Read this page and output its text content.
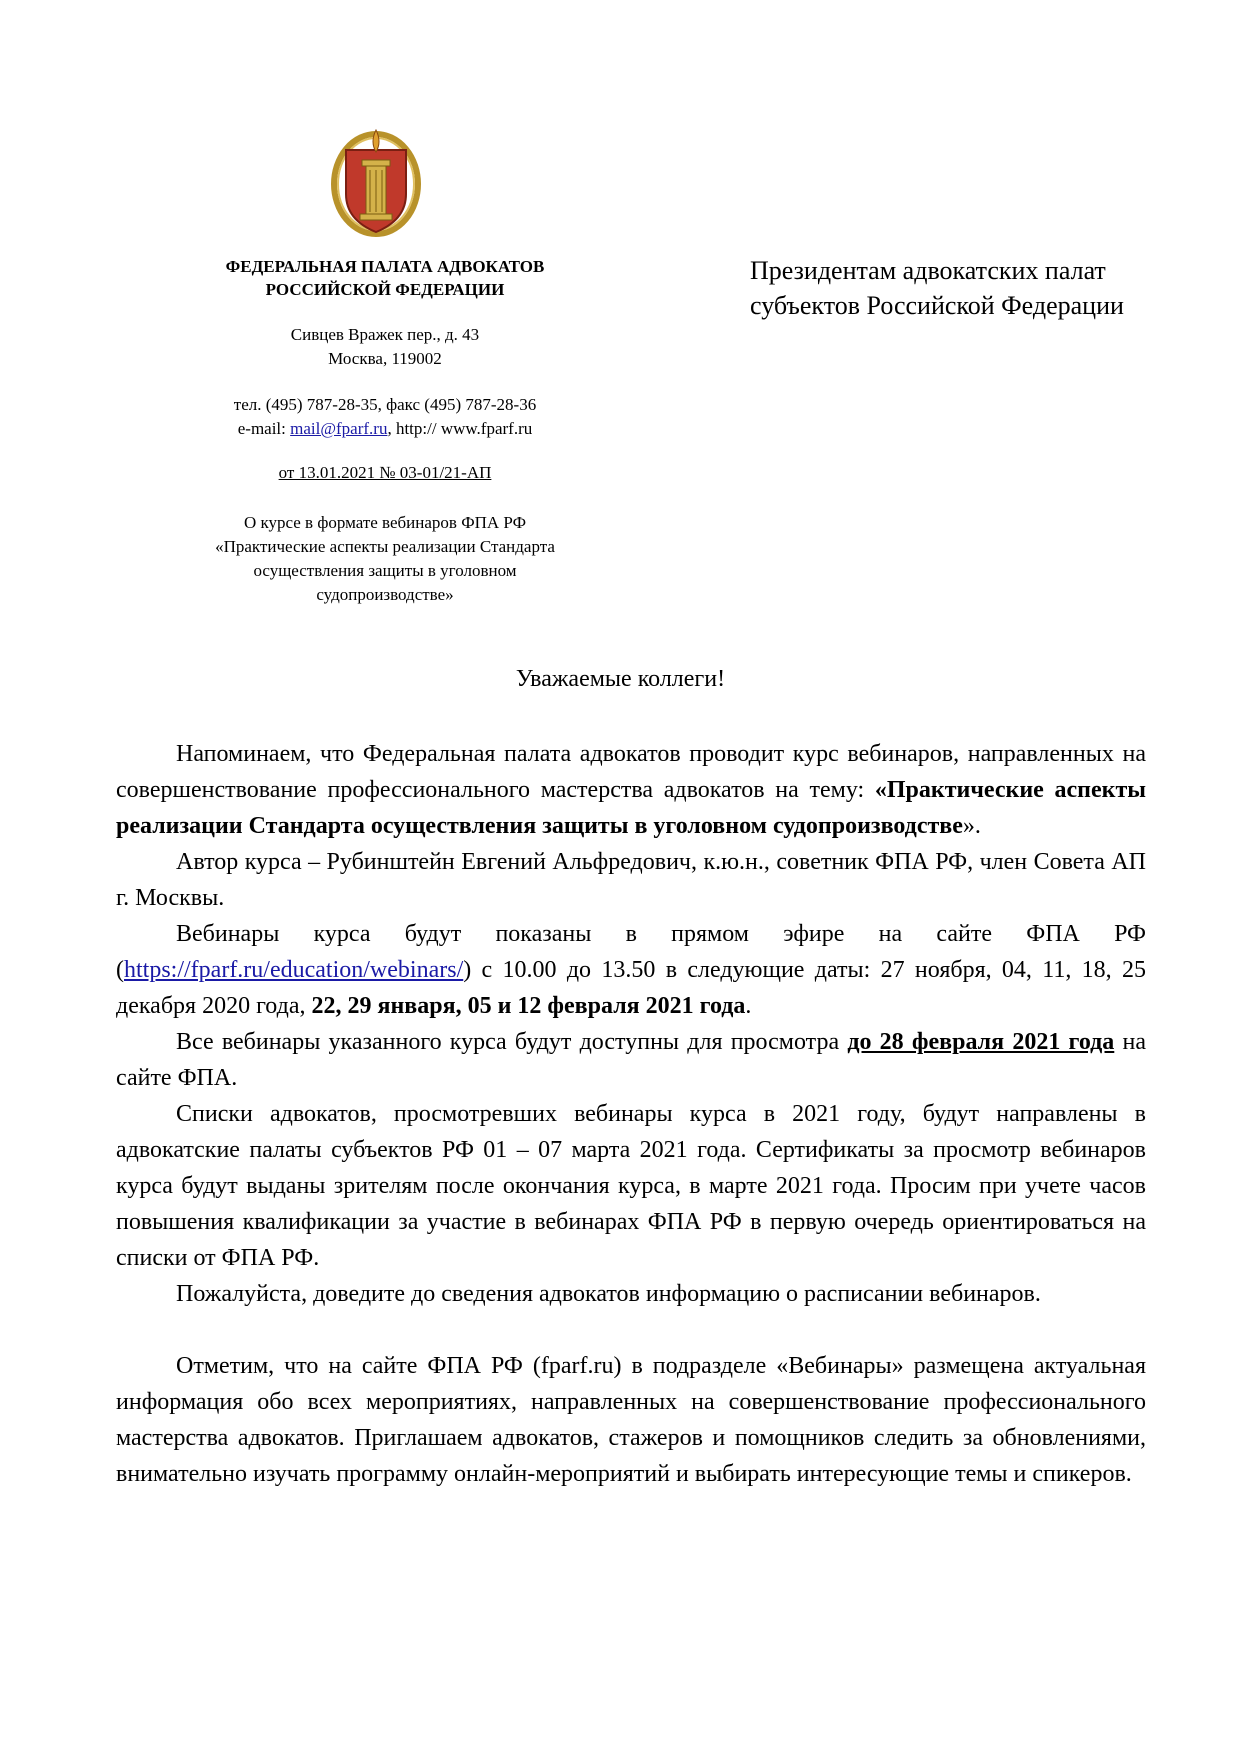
ФЕДЕРАЛЬНАЯ ПАЛАТА АДВОКАТОВ

РОССИЙСКОЙ ФЕДЕРАЦИИ

Сивцев Вражек пер., д. 43

Москва, 119002

тел. (495) 787-28-35, факс (495) 787-28-36

e-mail: mail@fparf.ru, http:// www.fparf.ru

от 13.01.2021 № 03-01/21-АП

О курсе в формате вебинаров ФПА РФ

«Практические аспекты реализации Стандарта

осуществления защиты в уголовном

судопроизводстве»

Президентам адвокатских палат
субъектов Российской Федерации
Уважаемые коллеги!

Напоминаем, что Федеральная палата адвокатов проводит курс вебинаров, направленных на совершенствование профессионального мастерства адвокатов на тему: «Практические аспекты реализации Стандарта осуществления защиты в уголовном судопроизводстве».

Автор курса – Рубинштейн Евгений Альфредович, к.ю.н., советник ФПА РФ, член Совета АП г. Москвы.

Вебинары курса будут показаны в прямом эфире на сайте ФПА РФ (https://fparf.ru/education/webinars/) с 10.00 до 13.50 в следующие даты: 27 ноября, 04, 11, 18, 25 декабря 2020 года, 22, 29 января, 05 и 12 февраля 2021 года.

Все вебинары указанного курса будут доступны для просмотра до 28 февраля 2021 года на сайте ФПА.

Списки адвокатов, просмотревших вебинары курса в 2021 году, будут направлены в адвокатские палаты субъектов РФ 01 – 07 марта 2021 года. Сертификаты за просмотр вебинаров курса будут выданы зрителям после окончания курса, в марте 2021 года. Просим при учете часов повышения квалификации за участие в вебинарах ФПА РФ в первую очередь ориентироваться на списки от ФПА РФ.

Пожалуйста, доведите до сведения адвокатов информацию о расписании вебинаров.

Отметим, что на сайте ФПА РФ (fparf.ru) в подразделе «Вебинары» размещена актуальная информация обо всех мероприятиях, направленных на совершенствование профессионального мастерства адвокатов. Приглашаем адвокатов, стажеров и помощников следить за обновлениями, внимательно изучать программу онлайн-мероприятий и выбирать интересующие темы и спикеров.
